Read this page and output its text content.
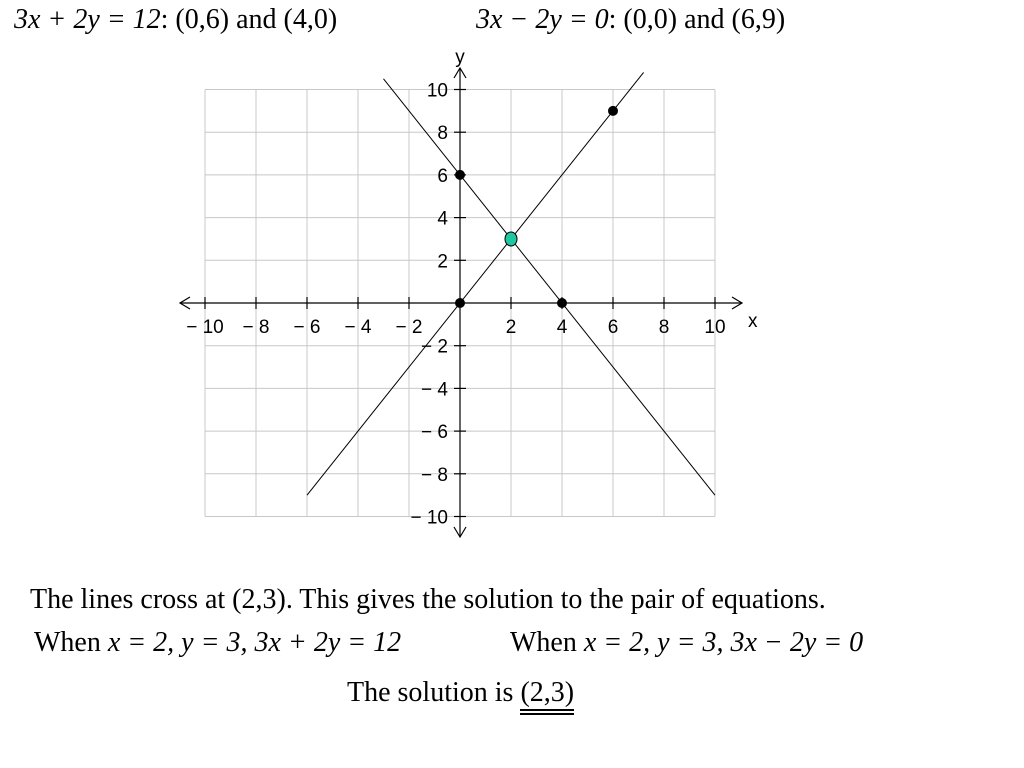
3x + 2y = 12: (0,6) and (4,0)	3x − 2y = 0: (0,0) and (6,9)
− 10 − 8 − 6 − 4 − 2	2 4 6 8 10
− 10
− 8
− 6
− 4
− 2
2
4
6
8
10
x
y
The lines cross at (2,3). This gives the solution to the pair of equations.
When x = 2, y = 3, 3x + 2y = 12	When x = 2, y = 3, 3x − 2y = 0
The solution is (2,3)
